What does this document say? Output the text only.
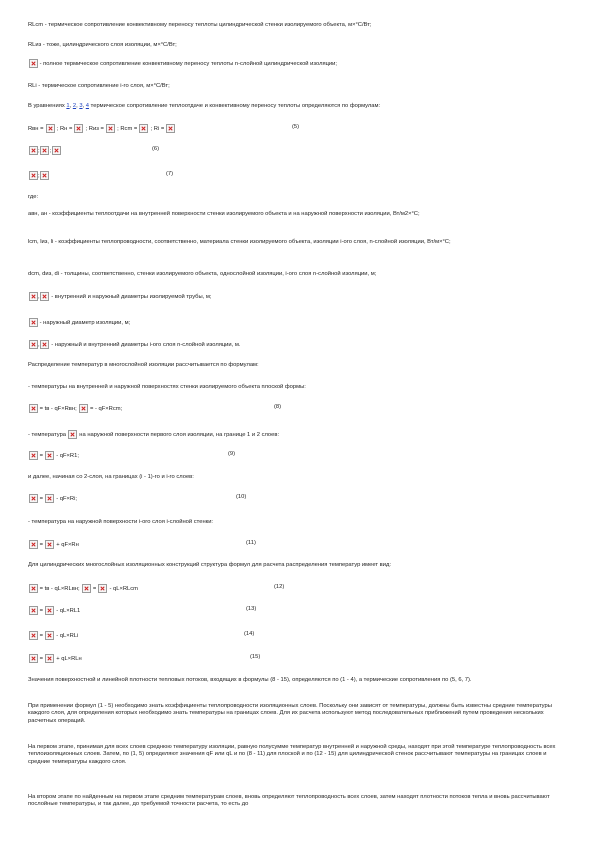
RLcm - термическое сопротивление конвективному переносу теплоты цилиндрической стенки изолируемого объекта, м×°C/Вт;
RLиз - тоже, цилиндрического слоя изоляции, м×°C/Вт;
- полное термическое сопротивление конвективному переносу теплоты n-слойной цилиндрической изоляции;
RLi - термическое сопротивление i-го слоя, м×°C/Вт;
В уравнениях 1, 2, 3, 4 термическое сопротивление теплоотдаче и конвективному переносу теплоты определяются по формулам:
Rвн = ; Rн = ; Rиз = ; Rcm = ; Ri =	(5)
; ;	(6)
;	(7)
где:
aвн, aн - коэффициенты теплоотдачи на внутренней поверхности стенки изолируемого объекта и на наружной поверхности изоляции, Вт/м2×°C;
lcm, lиз, li - коэффициенты теплопроводности, соответственно, материала стенки изолируемого объекта, изоляции i-ого слоя, n-слойной изоляции, Вт/м×°C;
dcm, dиз, di - толщины, соответственно, стенки изолируемого объекта, однослойной изоляции, i-ого слоя n-слойной изоляции, м;
, - внутренний и наружный диаметры изолируемой трубы, м;
- наружный диаметр изоляции, м;
, - наружный и внутренний диаметры i-ого слоя n-слойной изоляции, м.
Распределение температур в многослойной изоляции рассчитывается по формулам:
- температуры на внутренней и наружной поверхностях стенки изолируемого объекта плоской формы:
= tв - qF×Rвн; = - qF×Rcm;	(8)
- температура на наружной поверхности первого слоя изоляции, на границе 1 и 2 слоев:
=  - qF×R1;	(9)
и далее, начиная со 2-слоя, на границах (i - 1)-го и i-го слоев:
=  - qF×Ri;	(10)
- температура на наружной поверхности i-ого слоя i-слойной стенки:
=  + qF×Rн	(11)
Для цилиндрических многослойных изоляционных конструкций структура формул для расчета распределения температур имеет вид:
= tв - qL×RLвн;  =  - qL×RLcm	(12)
=  - qL×RL1	(13)
=  - qL×RLi	(14)
=  + qL×RLн	(15)
Значения поверхностной и линейной плотности тепловых потоков, входящих в формулы (8 - 15), определяются по (1 - 4), а термические сопротивления по (5, 6, 7).
При применении формул (1 - 5) необходимо знать коэффициенты теплопроводности изоляционных слоев. Поскольку они зависят от температуры, должны быть известны средние температуры каждого слоя, для определения которых необходимо знать температуры на границах слоев. Для их расчета используют метод последовательных приближений путем проведения нескольких расчетных операций.
На первом этапе, принимая для всех слоев среднюю температуру изоляции, равную полусумме температур внутренней и наружной среды, находят при этой температуре теплопроводность всех теплоизоляционных слоев. Затем, по (1, 5) определяют значения qF или qL и по (8 - 11) для плоской и по (12 - 15) для цилиндрической стенок рассчитывают температуры на границах слоев и средние температуры каждого слоя.
На втором этапе по найденным на первом этапе средним температурам слоев, вновь определяют теплопроводность всех слоев, затем находят плотности потоков тепла и вновь рассчитывают послойные температуры, и так далее, до требуемой точности расчета, то есть до
